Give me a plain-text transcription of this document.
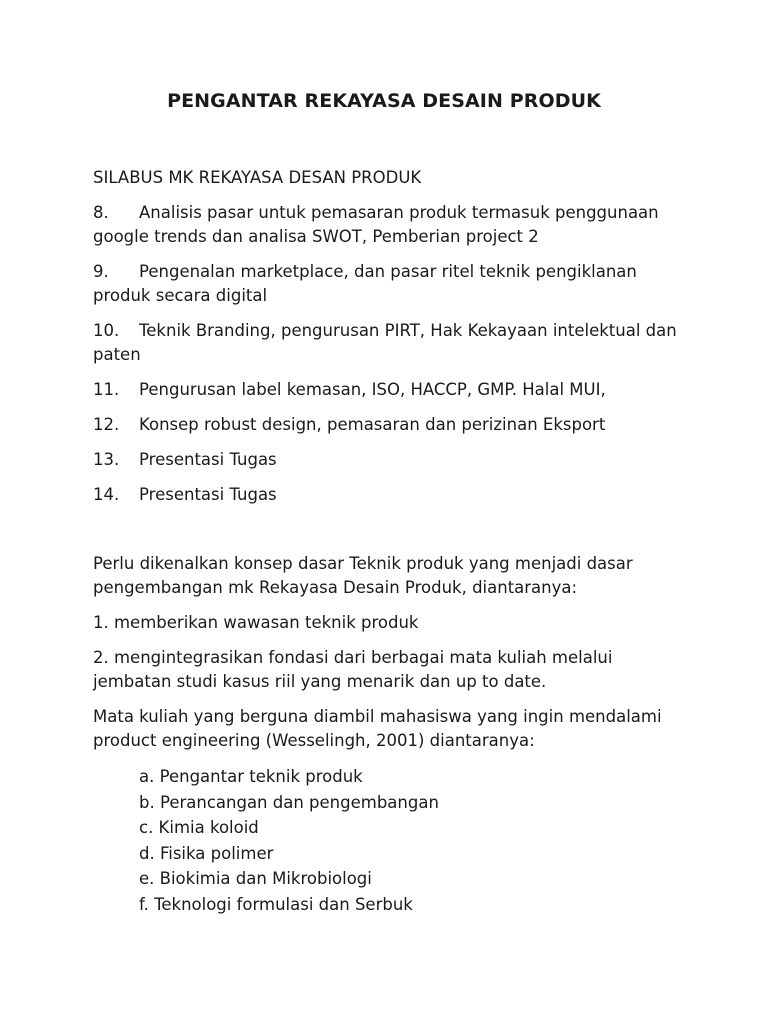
PENGANTAR REKAYASA DESAIN PRODUK

SILABUS MK REKAYASA DESAN PRODUK

8. Analisis pasar untuk pemasaran produk termasuk penggunaan google trends dan analisa SWOT, Pemberian project 2

9. Pengenalan marketplace, dan pasar ritel teknik pengiklanan produk secara digital

10. Teknik Branding, pengurusan PIRT, Hak Kekayaan intelektual dan paten

11. Pengurusan label kemasan, ISO, HACCP, GMP. Halal MUI,

12. Konsep robust design, pemasaran dan perizinan Eksport

13. Presentasi Tugas

14. Presentasi Tugas

Perlu dikenalkan konsep dasar Teknik produk yang menjadi dasar pengembangan mk Rekayasa Desain Produk, diantaranya:

1. memberikan wawasan teknik produk

2. mengintegrasikan fondasi dari berbagai mata kuliah melalui jembatan studi kasus riil yang menarik dan up to date.

Mata kuliah yang berguna diambil mahasiswa yang ingin mendalami product engineering (Wesselingh, 2001) diantaranya:

a. Pengantar teknik produk
b. Perancangan dan pengembangan
c. Kimia koloid
d. Fisika polimer
e. Biokimia dan Mikrobiologi
f. Teknologi formulasi dan Serbuk
